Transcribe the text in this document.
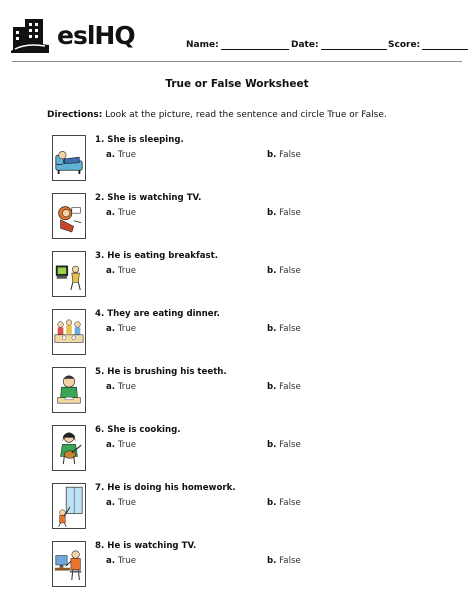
eslHQ	Name:	Date:	Score:
True or False Worksheet
Directions: Look at the picture, read the sentence and circle True or False.
1. She is sleeping.
a. True	b. False
2. She is watching TV.
a. True	b. False
3. He is eating breakfast.
a. True	b. False
4. They are eating dinner.
a. True	b. False
5. He is brushing his teeth.
a. True	b. False
6. She is cooking.
a. True	b. False
7. He is doing his homework.
a. True	b. False
8. He is watching TV.
a. True	b. False
